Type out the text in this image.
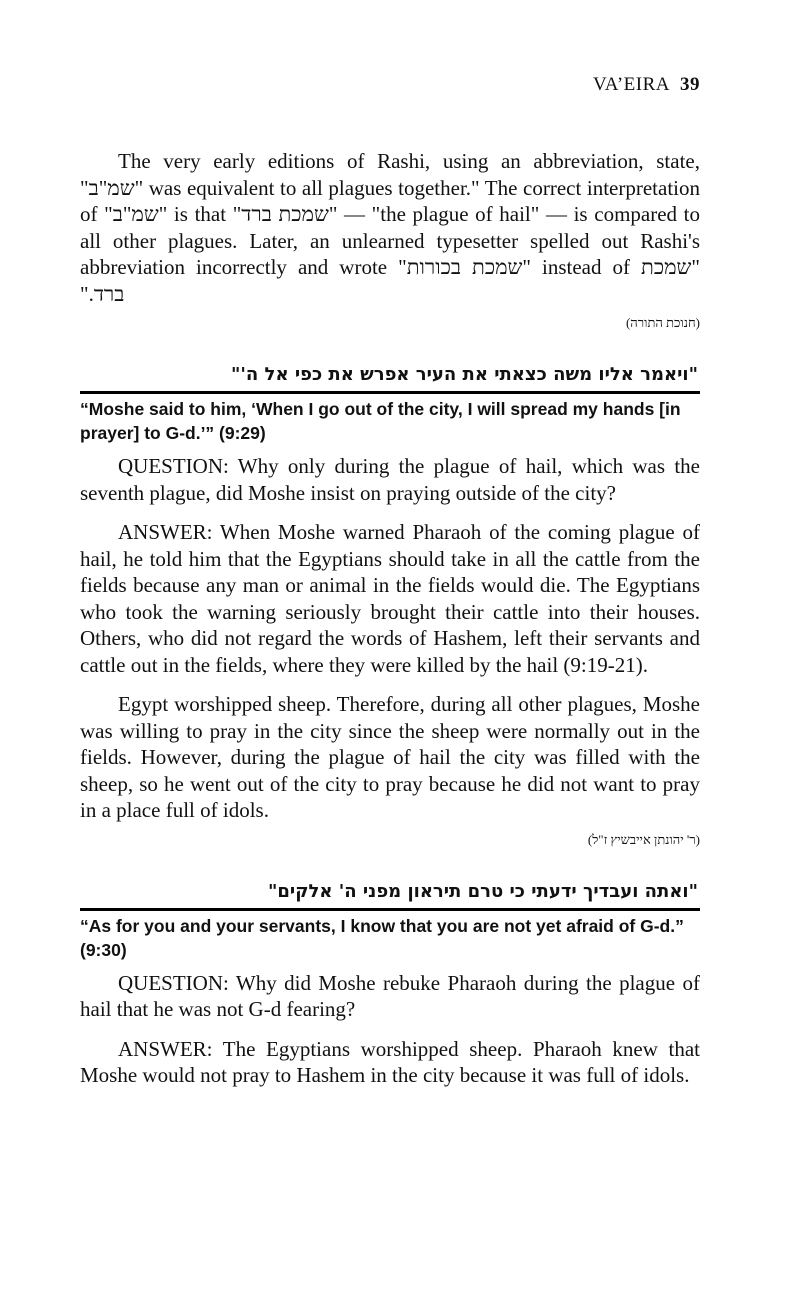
VA’EIRA 39

The very early editions of Rashi, using an abbreviation, state, "שמ"ב" was equivalent to all plagues together." The correct interpretation of "שמ"ב" is that "שמכת ברד" — "the plague of hail" — is compared to all other plagues. Later, an unlearned typesetter spelled out Rashi's abbreviation incorrectly and wrote "שמכת בכורות" instead of "שמכת ברד."

(חנוכת התורה)
"ויאמר אליו משה כצאתי את העיר אפרש את כפי אל ה'"
“Moshe said to him, ‘When I go out of the city, I will spread my hands [in prayer] to G-d.’” (9:29)

QUESTION: Why only during the plague of hail, which was the seventh plague, did Moshe insist on praying outside of the city?

ANSWER: When Moshe warned Pharaoh of the coming plague of hail, he told him that the Egyptians should take in all the cattle from the fields because any man or animal in the fields would die. The Egyptians who took the warning seriously brought their cattle into their houses. Others, who did not regard the words of Hashem, left their servants and cattle out in the fields, where they were killed by the hail (9:19-21).

Egypt worshipped sheep. Therefore, during all other plagues, Moshe was willing to pray in the city since the sheep were normally out in the fields. However, during the plague of hail the city was filled with the sheep, so he went out of the city to pray because he did not want to pray in a place full of idols.

(ר' יהונתן אייבשיץ ז"ל)
"ואתה ועבדיך ידעתי כי טרם תיראון מפני ה' אלקים"
“As for you and your servants, I know that you are not yet afraid of G-d.” (9:30)

QUESTION: Why did Moshe rebuke Pharaoh during the plague of hail that he was not G-d fearing?

ANSWER: The Egyptians worshipped sheep. Pharaoh knew that Moshe would not pray to Hashem in the city because it was full of idols.
